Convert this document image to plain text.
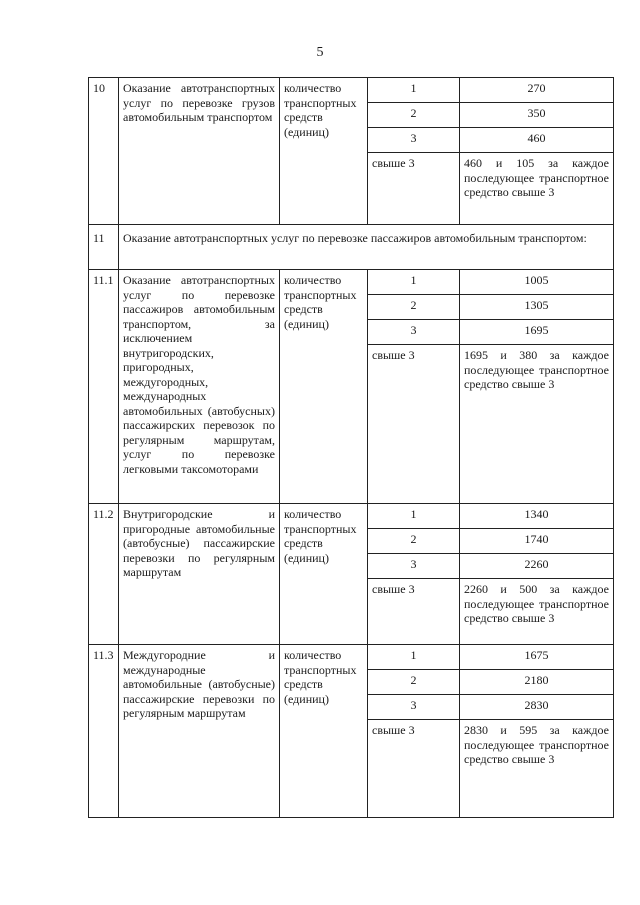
5
10	Оказание автотранспортных услуг по перевозке грузов автомобильным транспортом	количество транспортных средств (единиц)	1	270
			2	350
			3	460
			свыше 3	460 и 105 за каждое последующее транспортное средство свыше 3
11	Оказание автотранспортных услуг по перевозке пассажиров автомобильным транспортом:			
11.1	Оказание автотранспортных услуг по перевозке пассажиров автомобильным транспортом, за исключением внутригородских, пригородных, междугородных, международных автомобильных (автобусных) пассажирских перевозок по регулярным маршрутам, услуг по перевозке легковыми таксомоторами	количество транспортных средств (единиц)	1	1005
			2	1305
			3	1695
			свыше 3	1695 и 380 за каждое последующее транспортное средство свыше 3
11.2	Внутригородские и пригородные автомобильные (автобусные) пассажирские перевозки по регулярным маршрутам	количество транспортных средств (единиц)	1	1340
			2	1740
			3	2260
			свыше 3	2260 и 500 за каждое последующее транспортное средство свыше 3
11.3	Междугородние и международные автомобильные (автобусные) пассажирские перевозки по регулярным маршрутам	количество транспортных средств (единиц)	1	1675
			2	2180
			3	2830
			свыше 3	2830 и 595 за каждое последующее транспортное средство свыше 3
